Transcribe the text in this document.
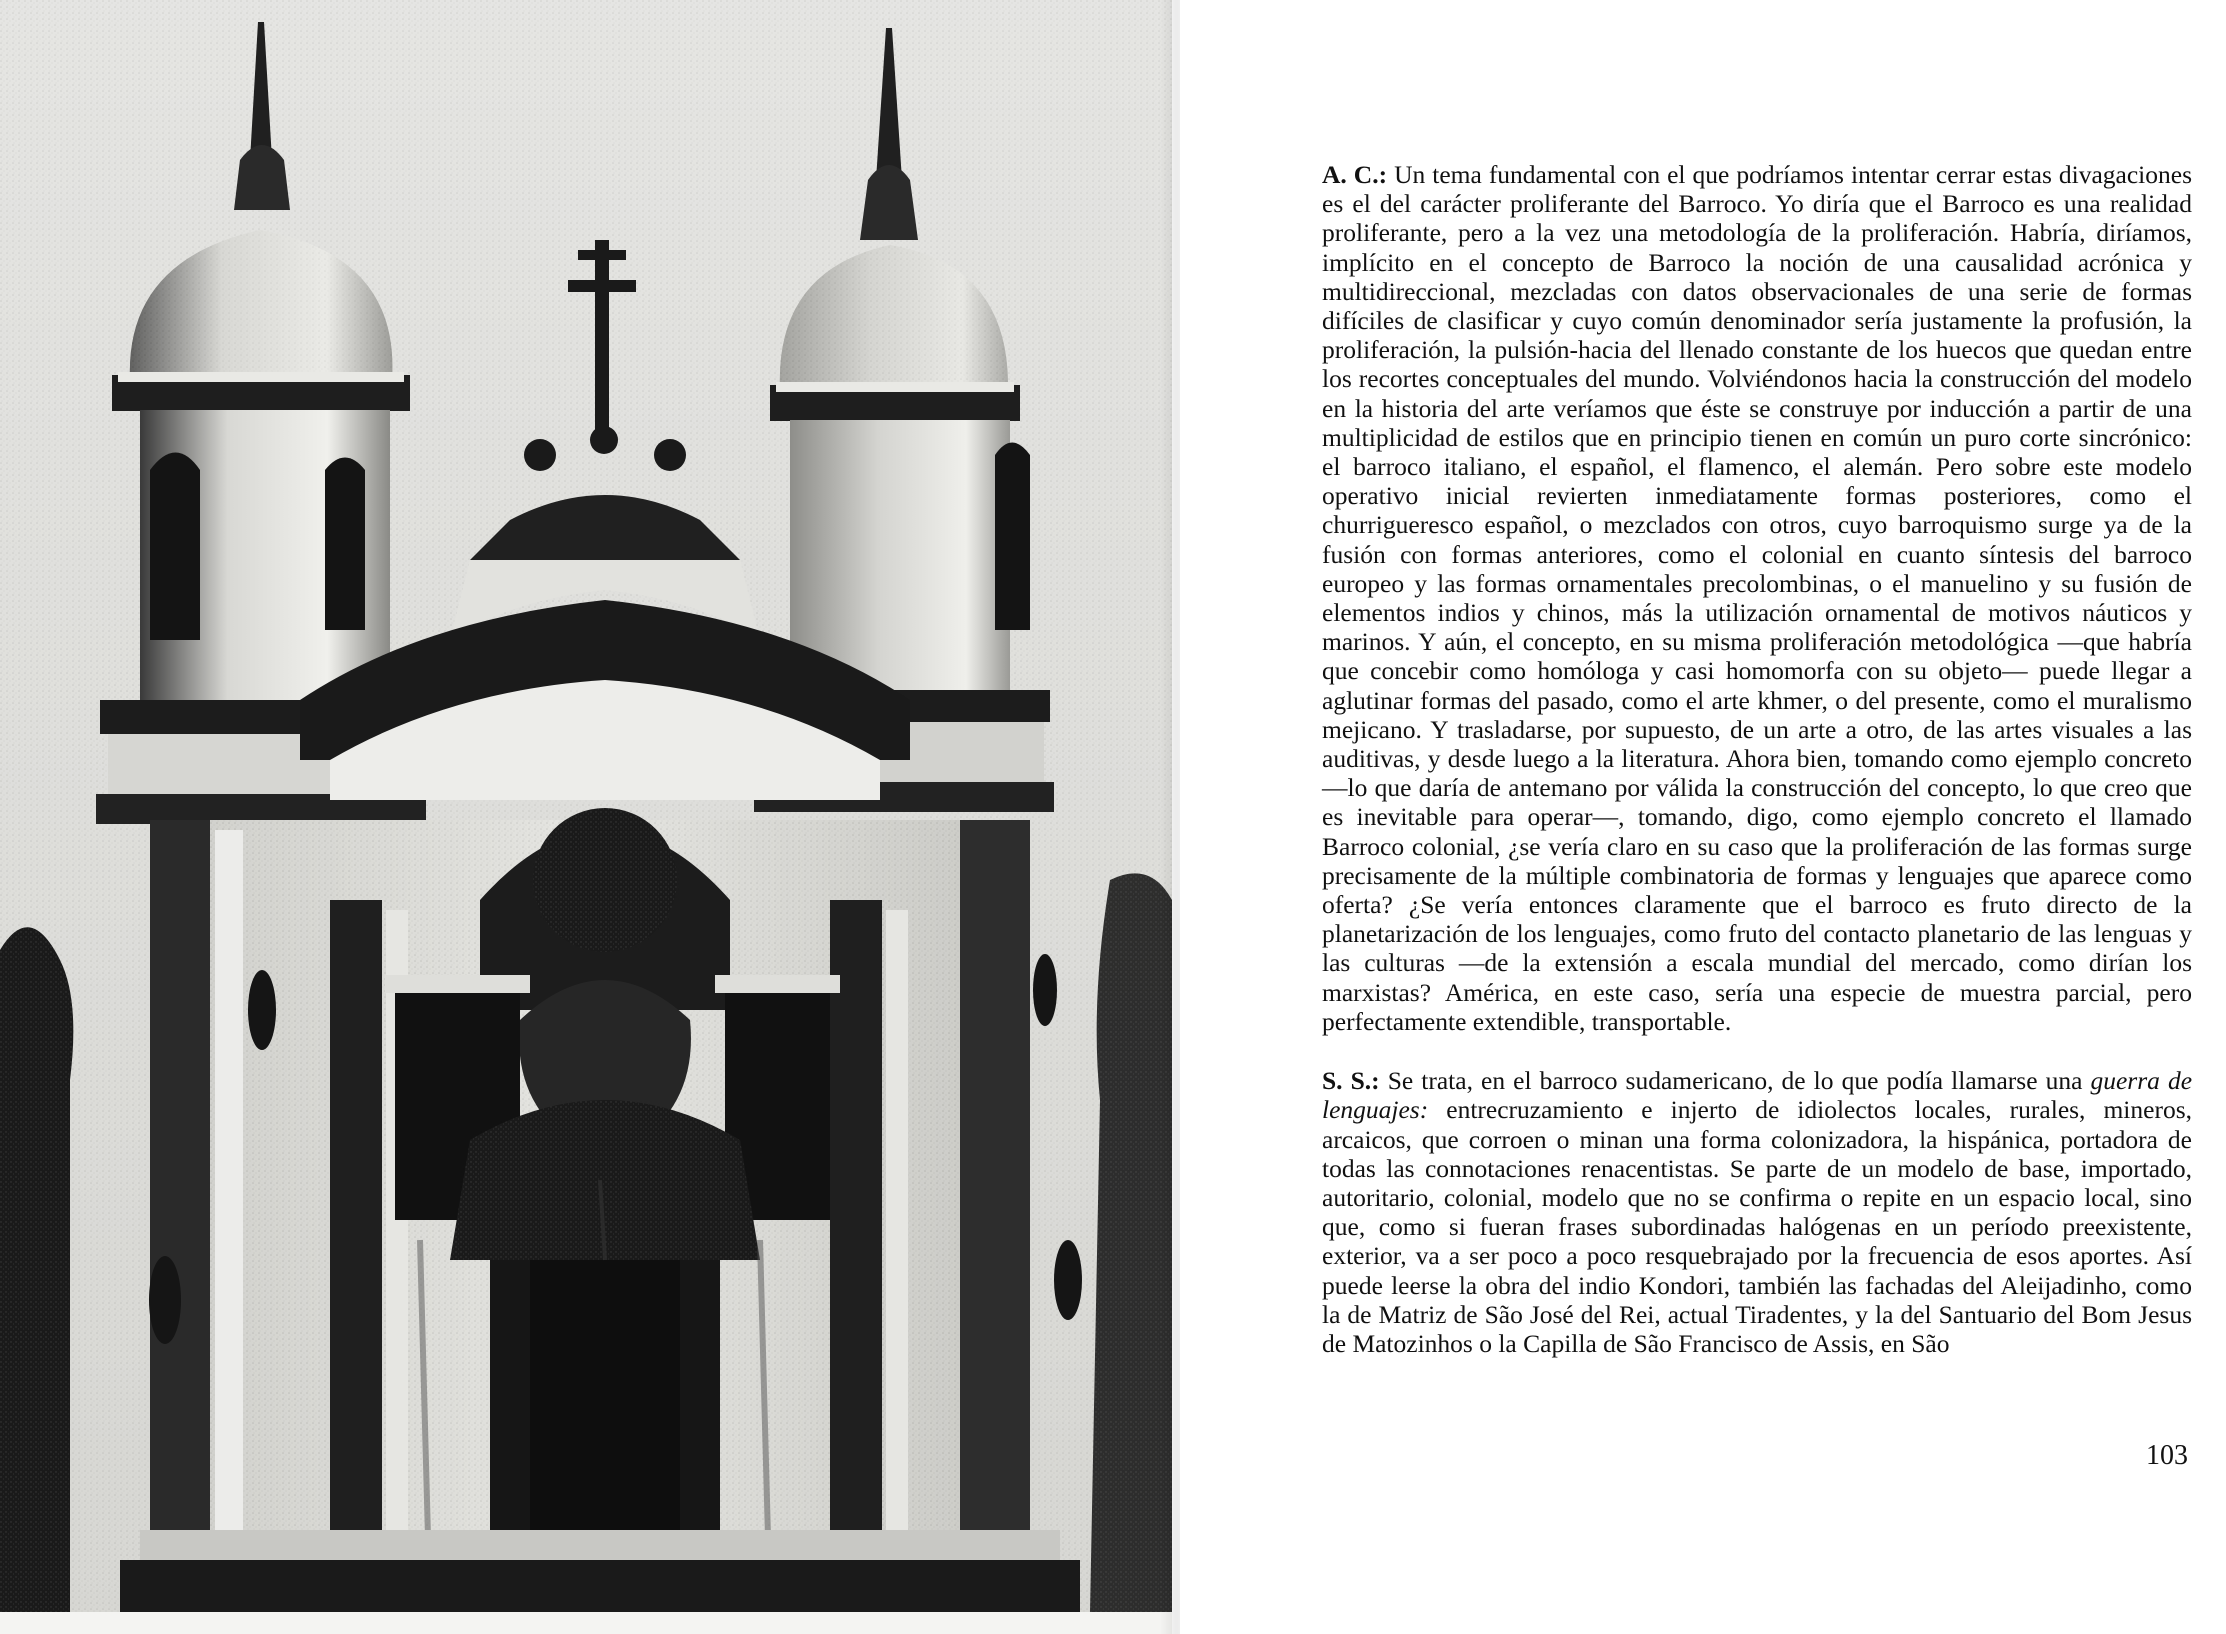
A. C.: Un tema fundamental con el que podríamos intentar cerrar estas divagaciones es el del carácter proliferante del Barroco. Yo diría que el Barroco es una realidad proliferante, pero a la vez una metodología de la proliferación. Habría, diríamos, implícito en el concepto de Barroco la noción de una causalidad acrónica y multidireccional, mezcladas con datos observacionales de una serie de formas difíciles de clasificar y cuyo común denominador sería justamente la profusión, la proliferación, la pulsión-hacia del llenado constante de los huecos que quedan entre los recortes conceptuales del mundo. Volviéndonos hacia la construcción del modelo en la historia del arte veríamos que éste se construye por inducción a partir de una multiplicidad de estilos que en principio tienen en común un puro corte sincrónico: el barroco italiano, el español, el flamenco, el alemán. Pero sobre este modelo operativo inicial revierten inmediatamente formas posteriores, como el churrigueresco español, o mezclados con otros, cuyo barroquismo surge ya de la fusión con formas anteriores, como el colonial en cuanto síntesis del barroco europeo y las formas ornamentales precolombinas, o el manuelino y su fusión de elementos indios y chinos, más la utilización ornamental de motivos náuticos y marinos. Y aún, el concepto, en su misma proliferación metodológica —que habría que concebir como homóloga y casi homomorfa con su objeto— puede llegar a aglutinar formas del pasado, como el arte khmer, o del presente, como el muralismo mejicano. Y trasladarse, por supuesto, de un arte a otro, de las artes visuales a las auditivas, y desde luego a la literatura. Ahora bien, tomando como ejemplo concreto —lo que daría de antemano por válida la construcción del concepto, lo que creo que es inevitable para operar—, tomando, digo, como ejemplo concreto el llamado Barroco colonial, ¿se vería claro en su caso que la proliferación de las formas surge precisamente de la múltiple combinatoria de formas y lenguajes que aparece como oferta? ¿Se vería entonces claramente que el barroco es fruto directo de la planetarización de los lenguajes, como fruto del contacto planetario de las lenguas y las culturas —de la extensión a escala mundial del mercado, como dirían los marxistas? América, en este caso, sería una especie de muestra parcial, pero perfectamente extendible, transportable.

S. S.: Se trata, en el barroco sudamericano, de lo que podía llamarse una guerra de lenguajes: entrecruzamiento e injerto de idiolectos locales, rurales, mineros, arcaicos, que corroen o minan una forma colonizadora, la hispánica, portadora de todas las connotaciones renacentistas. Se parte de un modelo de base, importado, autoritario, colonial, modelo que no se confirma o repite en un espacio local, sino que, como si fueran frases subordinadas halógenas en un período preexistente, exterior, va a ser poco a poco resquebrajado por la frecuencia de esos aportes. Así puede leerse la obra del indio Kondori, también las fachadas del Aleijadinho, como la de Matriz de São José del Rei, actual Tiradentes, y la del Santuario del Bom Jesus de Matozinhos o la Capilla de São Francisco de Assis, en São

103
